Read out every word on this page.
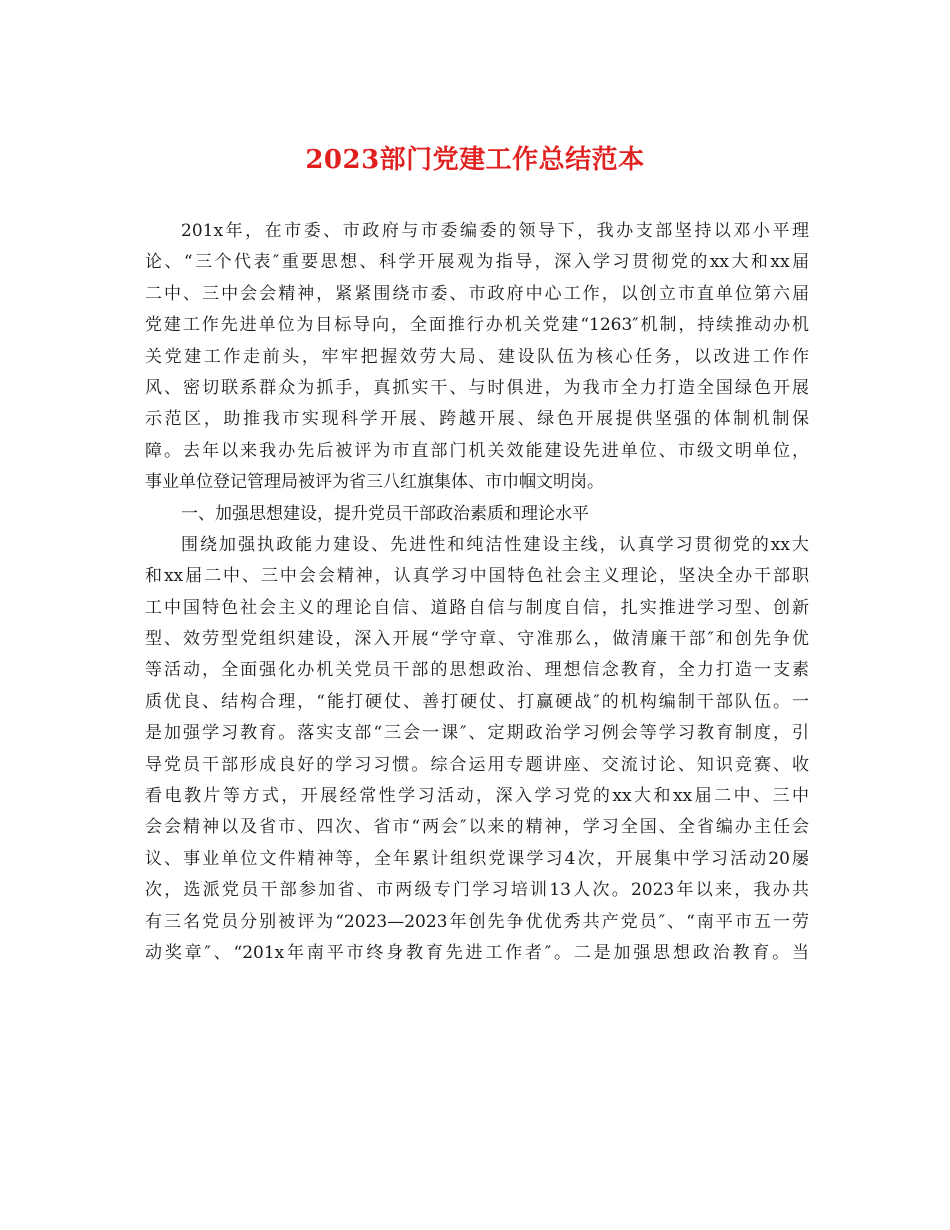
2023部门党建工作总结范本
201x年，在市委、市政府与市委编委的领导下，我办支部坚持以邓小平理
论、“三个代表″重要思想、科学开展观为指导，深入学习贯彻党的xx大和xx届
二中、三中会会精神，紧紧围绕市委、市政府中心工作，以创立市直单位第六届
党建工作先进单位为目标导向，全面推行办机关党建“1263″机制，持续推动办机
关党建工作走前头，牢牢把握效劳大局、建设队伍为核心任务，以改进工作作
风、密切联系群众为抓手，真抓实干、与时俱进，为我市全力打造全国绿色开展
示范区，助推我市实现科学开展、跨越开展、绿色开展提供坚强的体制机制保
障。去年以来我办先后被评为市直部门机关效能建设先进单位、市级文明单位，
事业单位登记管理局被评为省三八红旗集体、市巾帼文明岗。
一、加强思想建设，提升党员干部政治素质和理论水平
围绕加强执政能力建设、先进性和纯洁性建设主线，认真学习贯彻党的xx大
和xx届二中、三中会会精神，认真学习中国特色社会主义理论，坚决全办干部职
工中国特色社会主义的理论自信、道路自信与制度自信，扎实推进学习型、创新
型、效劳型党组织建设，深入开展“学守章、守准那么，做清廉干部″和创先争优
等活动，全面强化办机关党员干部的思想政治、理想信念教育，全力打造一支素
质优良、结构合理，“能打硬仗、善打硬仗、打赢硬战″的机构编制干部队伍。一
是加强学习教育。落实支部“三会一课″、定期政治学习例会等学习教育制度，引
导党员干部形成良好的学习习惯。综合运用专题讲座、交流讨论、知识竞赛、收
看电教片等方式，开展经常性学习活动，深入学习党的xx大和xx届二中、三中
会会精神以及省市、四次、省市“两会″以来的精神，学习全国、全省编办主任会
议、事业单位文件精神等，全年累计组织党课学习4次，开展集中学习活动20屡
次，选派党员干部参加省、市两级专门学习培训13人次。2023年以来，我办共
有三名党员分别被评为“2023—2023年创先争优优秀共产党员″、“南平市五一劳
动奖章″、“201x年南平市终身教育先进工作者″。二是加强思想政治教育。当
